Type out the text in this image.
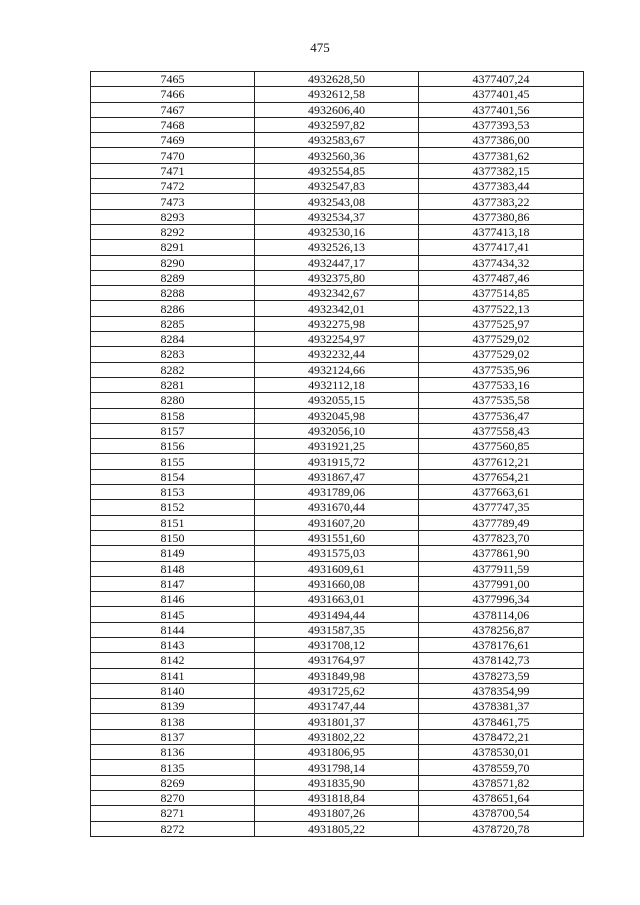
475
7465	4932628,50	4377407,24
7466	4932612,58	4377401,45
7467	4932606,40	4377401,56
7468	4932597,82	4377393,53
7469	4932583,67	4377386,00
7470	4932560,36	4377381,62
7471	4932554,85	4377382,15
7472	4932547,83	4377383,44
7473	4932543,08	4377383,22
8293	4932534,37	4377380,86
8292	4932530,16	4377413,18
8291	4932526,13	4377417,41
8290	4932447,17	4377434,32
8289	4932375,80	4377487,46
8288	4932342,67	4377514,85
8286	4932342,01	4377522,13
8285	4932275,98	4377525,97
8284	4932254,97	4377529,02
8283	4932232,44	4377529,02
8282	4932124,66	4377535,96
8281	4932112,18	4377533,16
8280	4932055,15	4377535,58
8158	4932045,98	4377536,47
8157	4932056,10	4377558,43
8156	4931921,25	4377560,85
8155	4931915,72	4377612,21
8154	4931867,47	4377654,21
8153	4931789,06	4377663,61
8152	4931670,44	4377747,35
8151	4931607,20	4377789,49
8150	4931551,60	4377823,70
8149	4931575,03	4377861,90
8148	4931609,61	4377911,59
8147	4931660,08	4377991,00
8146	4931663,01	4377996,34
8145	4931494,44	4378114,06
8144	4931587,35	4378256,87
8143	4931708,12	4378176,61
8142	4931764,97	4378142,73
8141	4931849,98	4378273,59
8140	4931725,62	4378354,99
8139	4931747,44	4378381,37
8138	4931801,37	4378461,75
8137	4931802,22	4378472,21
8136	4931806,95	4378530,01
8135	4931798,14	4378559,70
8269	4931835,90	4378571,82
8270	4931818,84	4378651,64
8271	4931807,26	4378700,54
8272	4931805,22	4378720,78
